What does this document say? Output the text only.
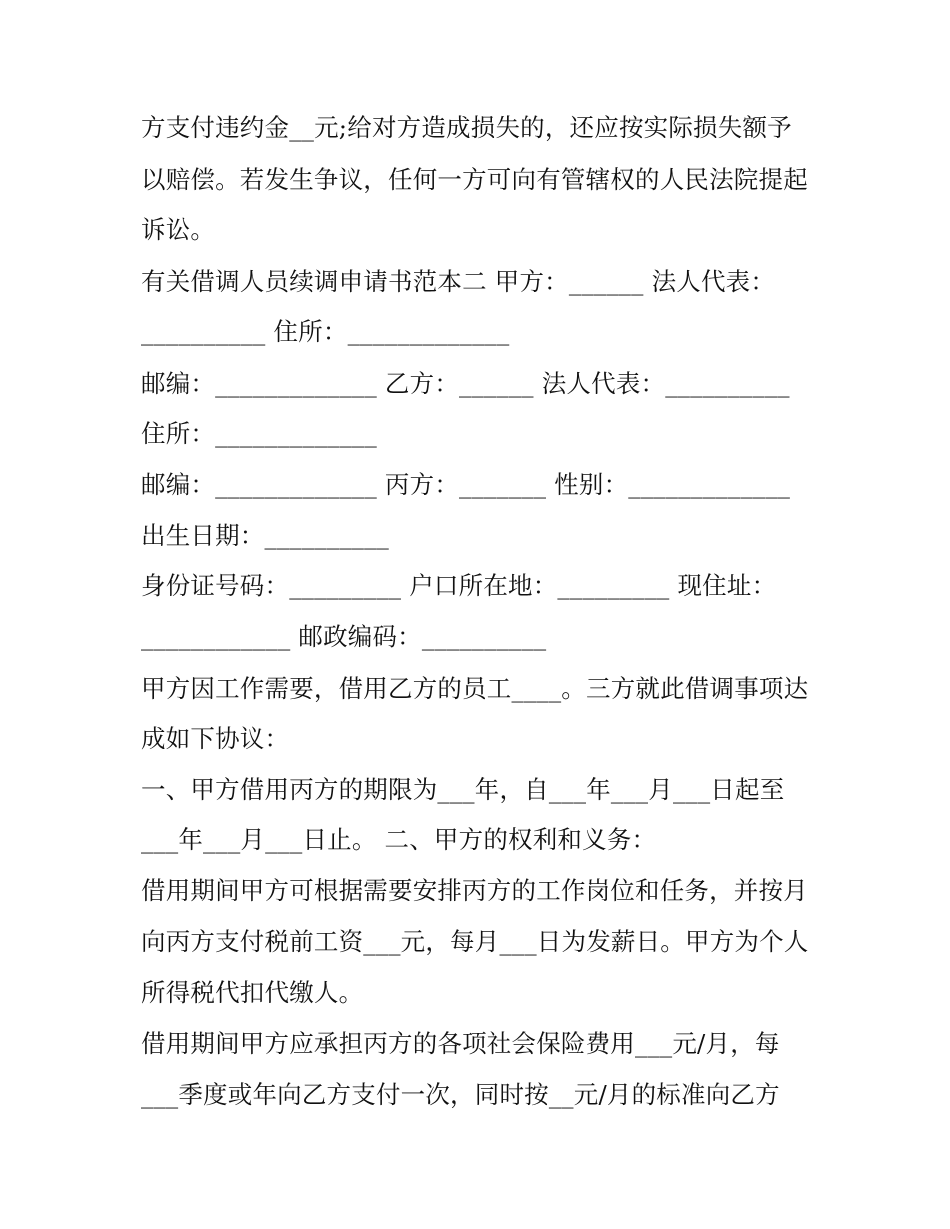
方支付违约金__元;给对方造成损失的，还应按实际损失额予
以赔偿。若发生争议，任何一方可向有管辖权的人民法院提起
诉讼。
有关借调人员续调申请书范本二 甲方：______ 法人代表：
__________ 住所：_____________
邮编：_____________ 乙方：______ 法人代表：__________
住所：_____________
邮编：_____________ 丙方：_______ 性别：_____________
出生日期：__________
身份证号码：_________ 户口所在地：_________ 现住址：
____________ 邮政编码：__________
甲方因工作需要，借用乙方的员工____。三方就此借调事项达
成如下协议：
一、甲方借用丙方的期限为___年，自___年___月___日起至
___年___月___日止。 二、甲方的权利和义务：
借用期间甲方可根据需要安排丙方的工作岗位和任务，并按月
向丙方支付税前工资___元，每月___日为发薪日。甲方为个人
所得税代扣代缴人。
借用期间甲方应承担丙方的各项社会保险费用___元/月，每
___季度或年向乙方支付一次，同时按__元/月的标准向乙方
